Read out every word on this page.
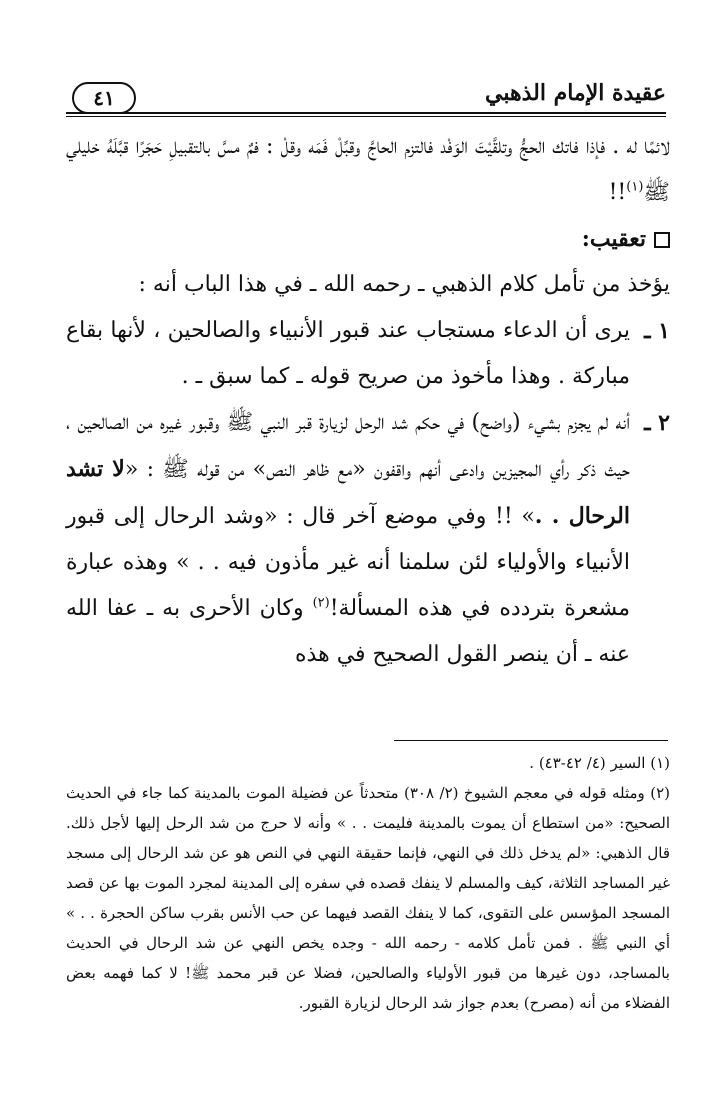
عقيدة الإمام الذهبي
٤١

لائمًا له . فإذا فاتك الحجُّ وتلقَّيْتَ الوَفْد فالتزم الحاجَّ وقبِّلْ فَمَه وقلْ : فمٌ مسَّ بالتقبيلِ حَجَرًا قبَّلَهُ خليلي ﷺ$^{(١)}$!!

تعقيب:

يؤخذ من تأمل كلام الذهبي ـ رحمه الله ـ في هذا الباب أنه :

١ ـ
يرى أن الدعاء مستجاب عند قبور الأنبياء والصالحين ، لأنها بقاع مباركة . وهذا مأخوذ من صريح قوله ـ كما سبق ـ .

٢ ـ
أنه لم يجزم بشيء (واضح) في حكم شد الرحل لزيارة قبر النبي ﷺ وقبور غيره من الصالحين ، حيث ذكر رأي المجيزين وادعى أنهم واقفون «مع ظاهر النص» من قوله ﷺ : «لا تشد الرحال . .» !! وفي موضع آخر قال : «وشد الرحال إلى قبور الأنبياء والأولياء لئن سلمنا أنه غير مأذون فيه . . » وهذه عبارة مشعرة بتردده في هذه المسألة!$^{(٢)}$ وكان الأحرى به ـ عفا الله عنه ـ أن ينصر القول الصحيح في هذه

(١) السير (٤/ ٤٢-٤٣) .

(٢) ومثله قوله في معجم الشيوخ (٢/ ٣٠٨) متحدثاً عن فضيلة الموت بالمدينة كما جاء في الحديث الصحيح: «من استطاع أن يموت بالمدينة فليمت . . » وأنه لا حرج من شد الرحل إليها لأجل ذلك. قال الذهبي: «لم يدخل ذلك في النهي، فإنما حقيقة النهي في النص هو عن شد الرحال إلى مسجد غير المساجد الثلاثة، كيف والمسلم لا ينفك قصده في سفره إلى المدينة لمجرد الموت بها عن قصد المسجد المؤسس على التقوى، كما لا ينفك القصد فيهما عن حب الأنس بقرب ساكن الحجرة . . » أي النبي ﷺ . فمن تأمل كلامه - رحمه الله - وجده يخص النهي عن شد الرحال في الحديث بالمساجد، دون غيرها من قبور الأولياء والصالحين، فضلا عن قبر محمد ﷺ! لا كما فهمه بعض الفضلاء من أنه (مصرح) بعدم جواز شد الرحال لزيارة القبور.
